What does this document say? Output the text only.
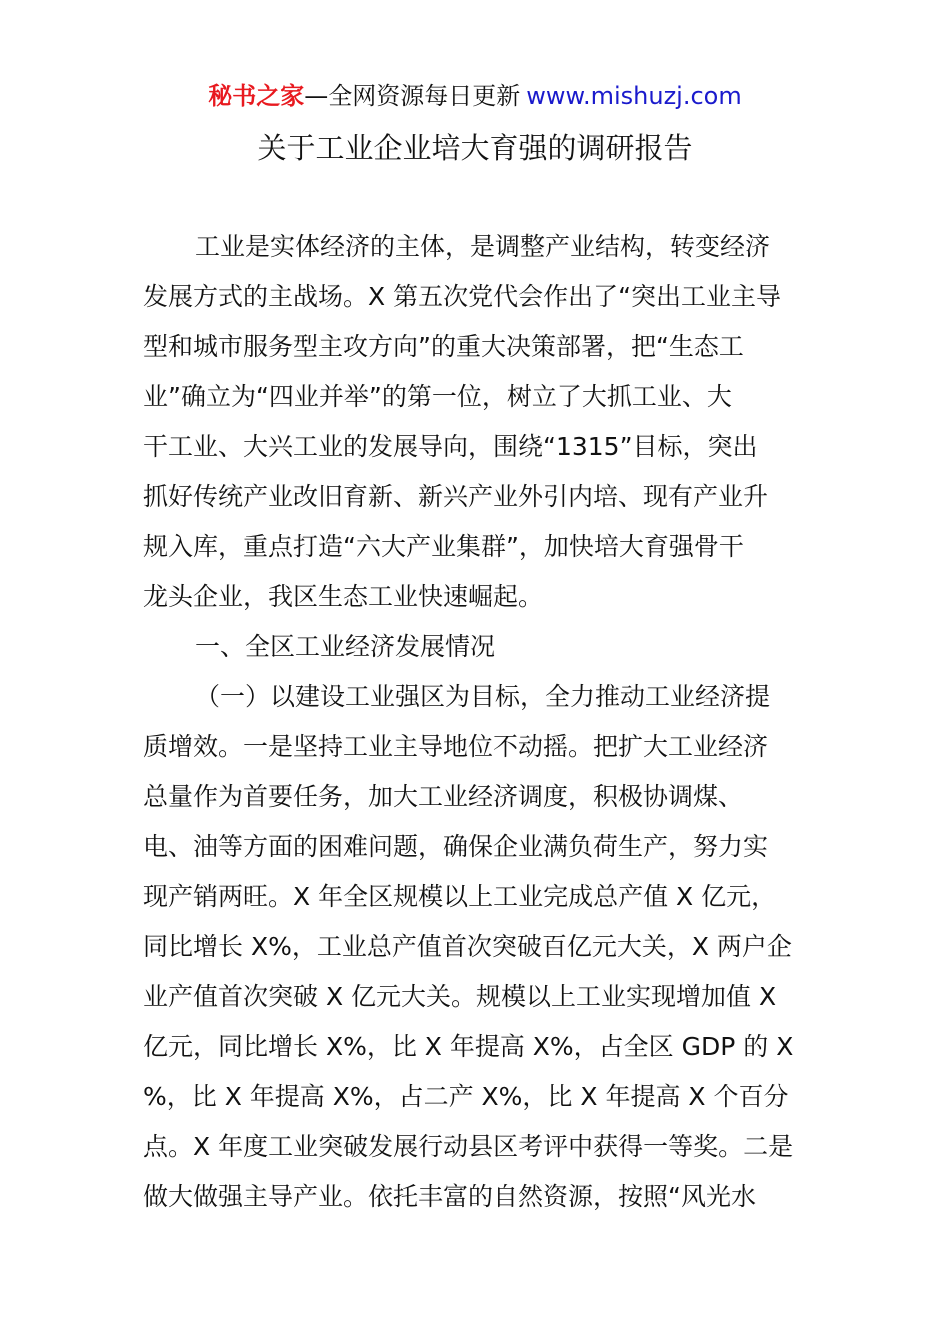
秘书之家—全网资源每日更新 www.mishuzj.com
关于工业企业培大育强的调研报告
工业是实体经济的主体，是调整产业结构，转变经济
发展方式的主战场。X 第五次党代会作出了“突出工业主导
型和城市服务型主攻方向”的重大决策部署，把“生态工
业”确立为“四业并举”的第一位，树立了大抓工业、大
干工业、大兴工业的发展导向，围绕“1315”目标，突出
抓好传统产业改旧育新、新兴产业外引内培、现有产业升
规入库，重点打造“六大产业集群”，加快培大育强骨干
龙头企业，我区生态工业快速崛起。
一、全区工业经济发展情况
（一）以建设工业强区为目标，全力推动工业经济提
质增效。一是坚持工业主导地位不动摇。把扩大工业经济
总量作为首要任务，加大工业经济调度，积极协调煤、
电、油等方面的困难问题，确保企业满负荷生产，努力实
现产销两旺。X 年全区规模以上工业完成总产值 X 亿元，
同比增长 X%，工业总产值首次突破百亿元大关，X 两户企
业产值首次突破 X 亿元大关。规模以上工业实现增加值 X
亿元，同比增长 X%，比 X 年提高 X%，占全区 GDP 的 X
%，比 X 年提高 X%，占二产 X%，比 X 年提高 X 个百分
点。X 年度工业突破发展行动县区考评中获得一等奖。二是
做大做强主导产业。依托丰富的自然资源，按照“风光水
